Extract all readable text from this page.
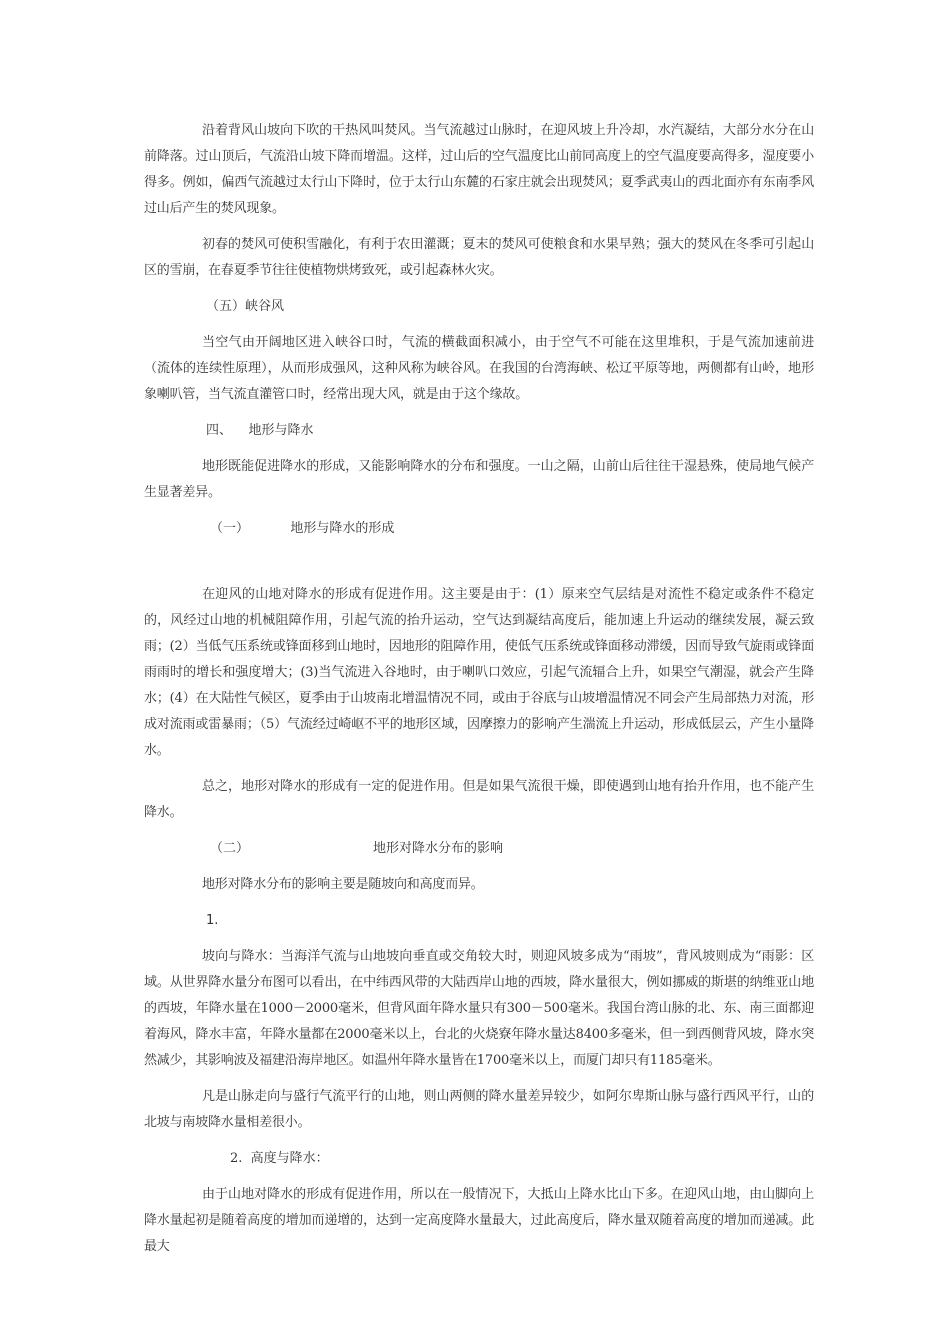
沿着背风山坡向下吹的干热风叫焚风。当气流越过山脉时，在迎风坡上升冷却，水汽凝结，大部分水分在山前降落。过山顶后，气流沿山坡下降而增温。这样，过山后的空气温度比山前同高度上的空气温度要高得多，湿度要小得多。例如，偏西气流越过太行山下降时，位于太行山东麓的石家庄就会出现焚风；夏季武夷山的西北面亦有东南季风过山后产生的焚风现象。

初春的焚风可使积雪融化，有利于农田灌溉；夏末的焚风可使粮食和水果早熟；强大的焚风在冬季可引起山区的雪崩，在春夏季节往往使植物烘烤致死，或引起森林火灾。

（五）峡谷风

当空气由开阔地区进入峡谷口时，气流的横截面积减小，由于空气不可能在这里堆积，于是气流加速前进（流体的连续性原理），从而形成强风，这种风称为峡谷风。在我国的台湾海峡、松辽平原等地，两侧都有山岭，地形象喇叭管，当气流直灌管口时，经常出现大风，就是由于这个缘故。

四、    地形与降水

地形既能促进降水的形成，又能影响降水的分布和强度。一山之隔，山前山后往往干湿悬殊，使局地气候产生显著差异。

（一）          地形与降水的形成

在迎风的山地对降水的形成有促进作用。这主要是由于：(1）原来空气层结是对流性不稳定或条件不稳定的，风经过山地的机械阻障作用，引起气流的抬升运动，空气达到凝结高度后，能加速上升运动的继续发展，凝云致雨；(2）当低气压系统或锋面移到山地时，因地形的阻障作用，使低气压系统或锋面移动滞缓，因而导致气旋雨或锋面雨雨时的增长和强度增大；(3)当气流进入谷地时，由于喇叭口效应，引起气流辐合上升，如果空气潮湿，就会产生降水；(4）在大陆性气候区，夏季由于山坡南北增温情况不同，或由于谷底与山坡增温情况不同会产生局部热力对流，形成对流雨或雷暴雨；（5）气流经过崎岖不平的地形区域，因摩擦力的影响产生湍流上升运动，形成低层云，产生小量降水。

总之，地形对降水的形成有一定的促进作用。但是如果气流很干燥，即使遇到山地有抬升作用，也不能产生降水。

（二）                              地形对降水分布的影响

地形对降水分布的影响主要是随坡向和高度而异。

1.

坡向与降水：当海洋气流与山地坡向垂直或交角较大时，则迎风坡多成为“雨坡”，背风坡则成为“雨影：区域。从世界降水量分布图可以看出，在中纬西风带的大陆西岸山地的西坡，降水量很大，例如挪威的斯堪的纳维亚山地的西坡，年降水量在1000－2000毫米，但背风面年降水量只有300－500毫米。我国台湾山脉的北、东、南三面都迎着海风，降水丰富，年降水量都在2000毫米以上，台北的火烧寮年降水量达8400多毫米，但一到西侧背风坡，降水突然减少，其影响波及福建沿海岸地区。如温州年降水量皆在1700毫米以上，而厦门却只有1185毫米。

凡是山脉走向与盛行气流平行的山地，则山两侧的降水量差异较少，如阿尔卑斯山脉与盛行西风平行，山的北坡与南坡降水量相差很小。

2.  高度与降水：

由于山地对降水的形成有促进作用，所以在一般情况下，大抵山上降水比山下多。在迎风山地，由山脚向上降水量起初是随着高度的增加而递增的，达到一定高度降水量最大，过此高度后，降水量双随着高度的增加而递减。此最大
